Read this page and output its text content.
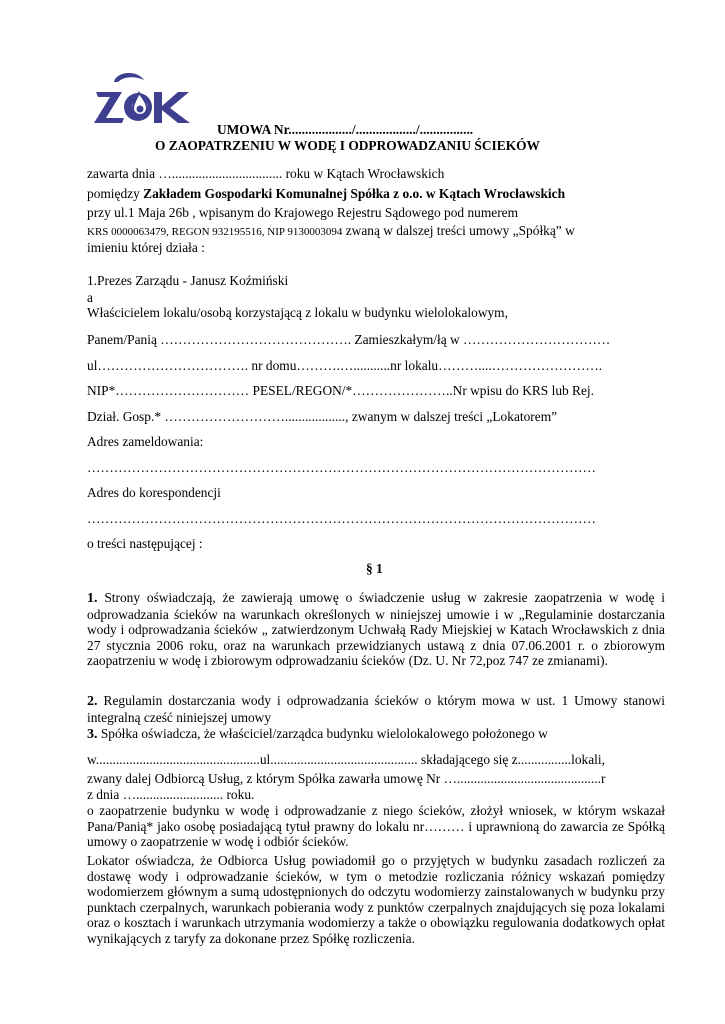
UMOWA Nr.................../................../................
O ZAOPATRZENIU W WODĘ I ODPROWADZANIU ŚCIEKÓW
zawarta dnia …................................. roku w Kątach Wrocławskich
pomiędzy Zakładem Gospodarki Komunalnej Spółka z o.o. w Kątach Wrocławskich
przy ul.1 Maja 26b , wpisanym do Krajowego Rejestru Sądowego pod numerem
KRS 0000063479, REGON 932195516, NIP 9130003094 zwaną w dalszej treści umowy „Spółką” w
imieniu której działa :
1.Prezes Zarządu - Janusz Koźmiński
a
Właścicielem lokalu/osobą korzystającą z lokalu w budynku wielolokalowym,
Panem/Panią ……………………………………. Zamieszkałym/łą w ……………………………
ul……………………………. nr domu……….…...........nr lokalu………....…………………….
NIP*………………………… PESEL/REGON/*…………………..Nr wpisu do KRS lub Rej.
Dział. Gosp.* ……………………….................., zwanym w dalszej treści „Lokatorem”
Adres zameldowania:
……………………………………………………………………………………………………
Adres do korespondencji
……………………………………………………………………………………………………
o treści następującej :
§ 1
1. Strony oświadczają, że zawierają umowę o świadczenie usług w zakresie zaopatrzenia w wodę i odprowadzania ścieków na warunkach określonych w niniejszej umowie i w „Regulaminie dostarczania wody i odprowadzania ścieków „ zatwierdzonym Uchwałą Rady Miejskiej w Katach Wrocławskich z dnia 27 stycznia 2006 roku, oraz na warunkach przewidzianych ustawą z dnia 07.06.2001 r. o zbiorowym zaopatrzeniu w wodę i zbiorowym odprowadzaniu ścieków (Dz. U. Nr 72,poz 747 ze zmianami).
2. Regulamin dostarczania wody i odprowadzania ścieków o którym mowa w ust. 1 Umowy stanowi integralną cześć niniejszej umowy
3. Spółka oświadcza, że właściciel/zarządca budynku wielolokalowego położonego w
w.................................................ul............................................ składającego się z................lokali,
zwany dalej Odbiorcą Usług, z którym Spółka zawarła umowę Nr …...........................................r
z dnia ….......................... roku.
o zaopatrzenie budynku w wodę i odprowadzanie z niego ścieków, złożył wniosek, w którym wskazał Pana/Panią* jako osobę posiadającą tytuł prawny do lokalu nr……… i uprawnioną do zawarcia ze Spółką umowy o zaopatrzenie w wodę i odbiór ścieków.
Lokator oświadcza, że Odbiorca Usług powiadomił go o przyjętych w budynku zasadach rozliczeń za dostawę wody i odprowadzanie ścieków, w tym o metodzie rozliczania różnicy wskazań pomiędzy wodomierzem głównym a sumą udostępnionych do odczytu wodomierzy zainstalowanych w budynku przy punktach czerpalnych, warunkach pobierania wody z punktów czerpalnych znajdujących się poza lokalami oraz o kosztach i warunkach utrzymania wodomierzy a także o obowiązku regulowania dodatkowych opłat wynikających z taryfy za dokonane przez Spółkę rozliczenia.
